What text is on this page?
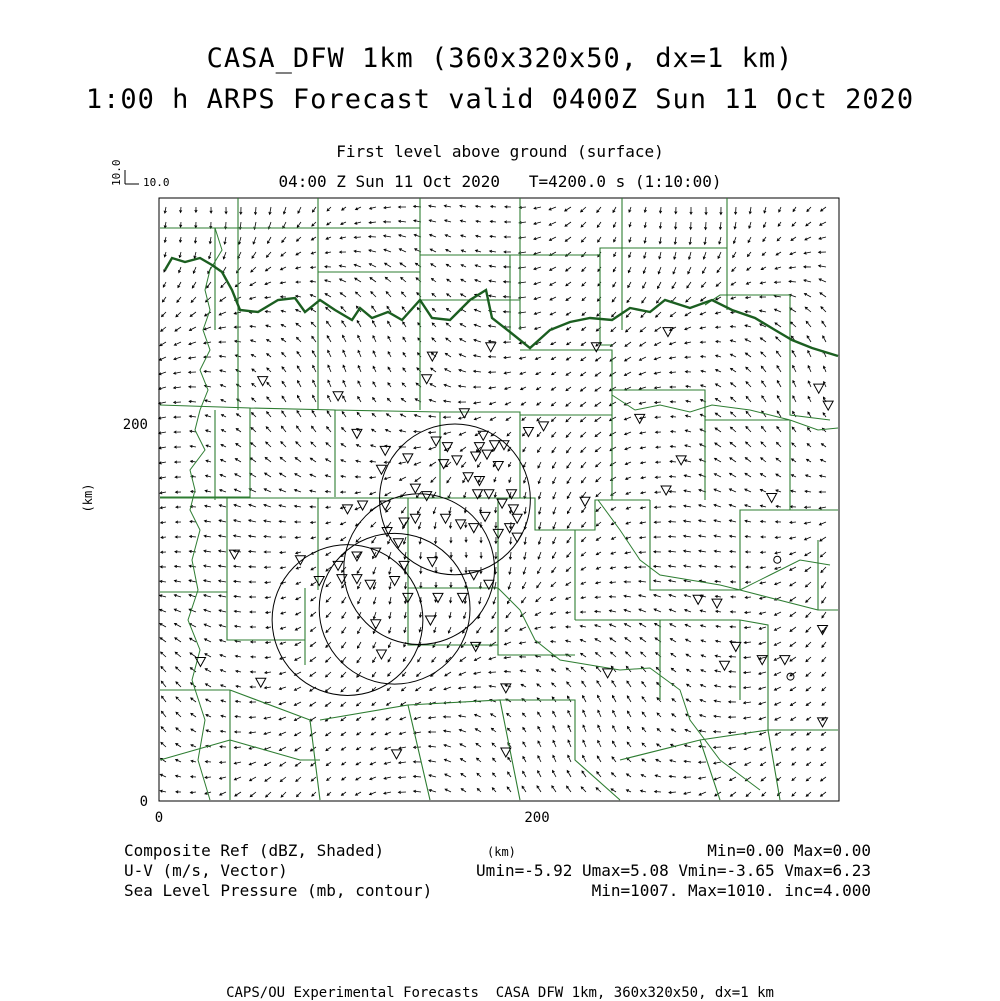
0
200
0	200
(km)
CASA_DFW 1km (360x320x50, dx=1 km)
1:00 h ARPS Forecast valid 0400Z Sun 11 Oct 2020
First level above ground (surface)
04:00 Z Sun 11 Oct 2020   T=4200.0 s (1:10:00)
10.0 10.0
Composite Ref (dBZ, Shaded)
U-V (m/s, Vector)
Sea Level Pressure (mb, contour)
(km)	Min=0.00 Max=0.00
Umin=-5.92 Umax=5.08 Vmin=-3.65 Vmax=6.23
Min=1007. Max=1010. inc=4.000
CAPS/OU Experimental Forecasts  CASA DFW 1km, 360x320x50, dx=1 km
